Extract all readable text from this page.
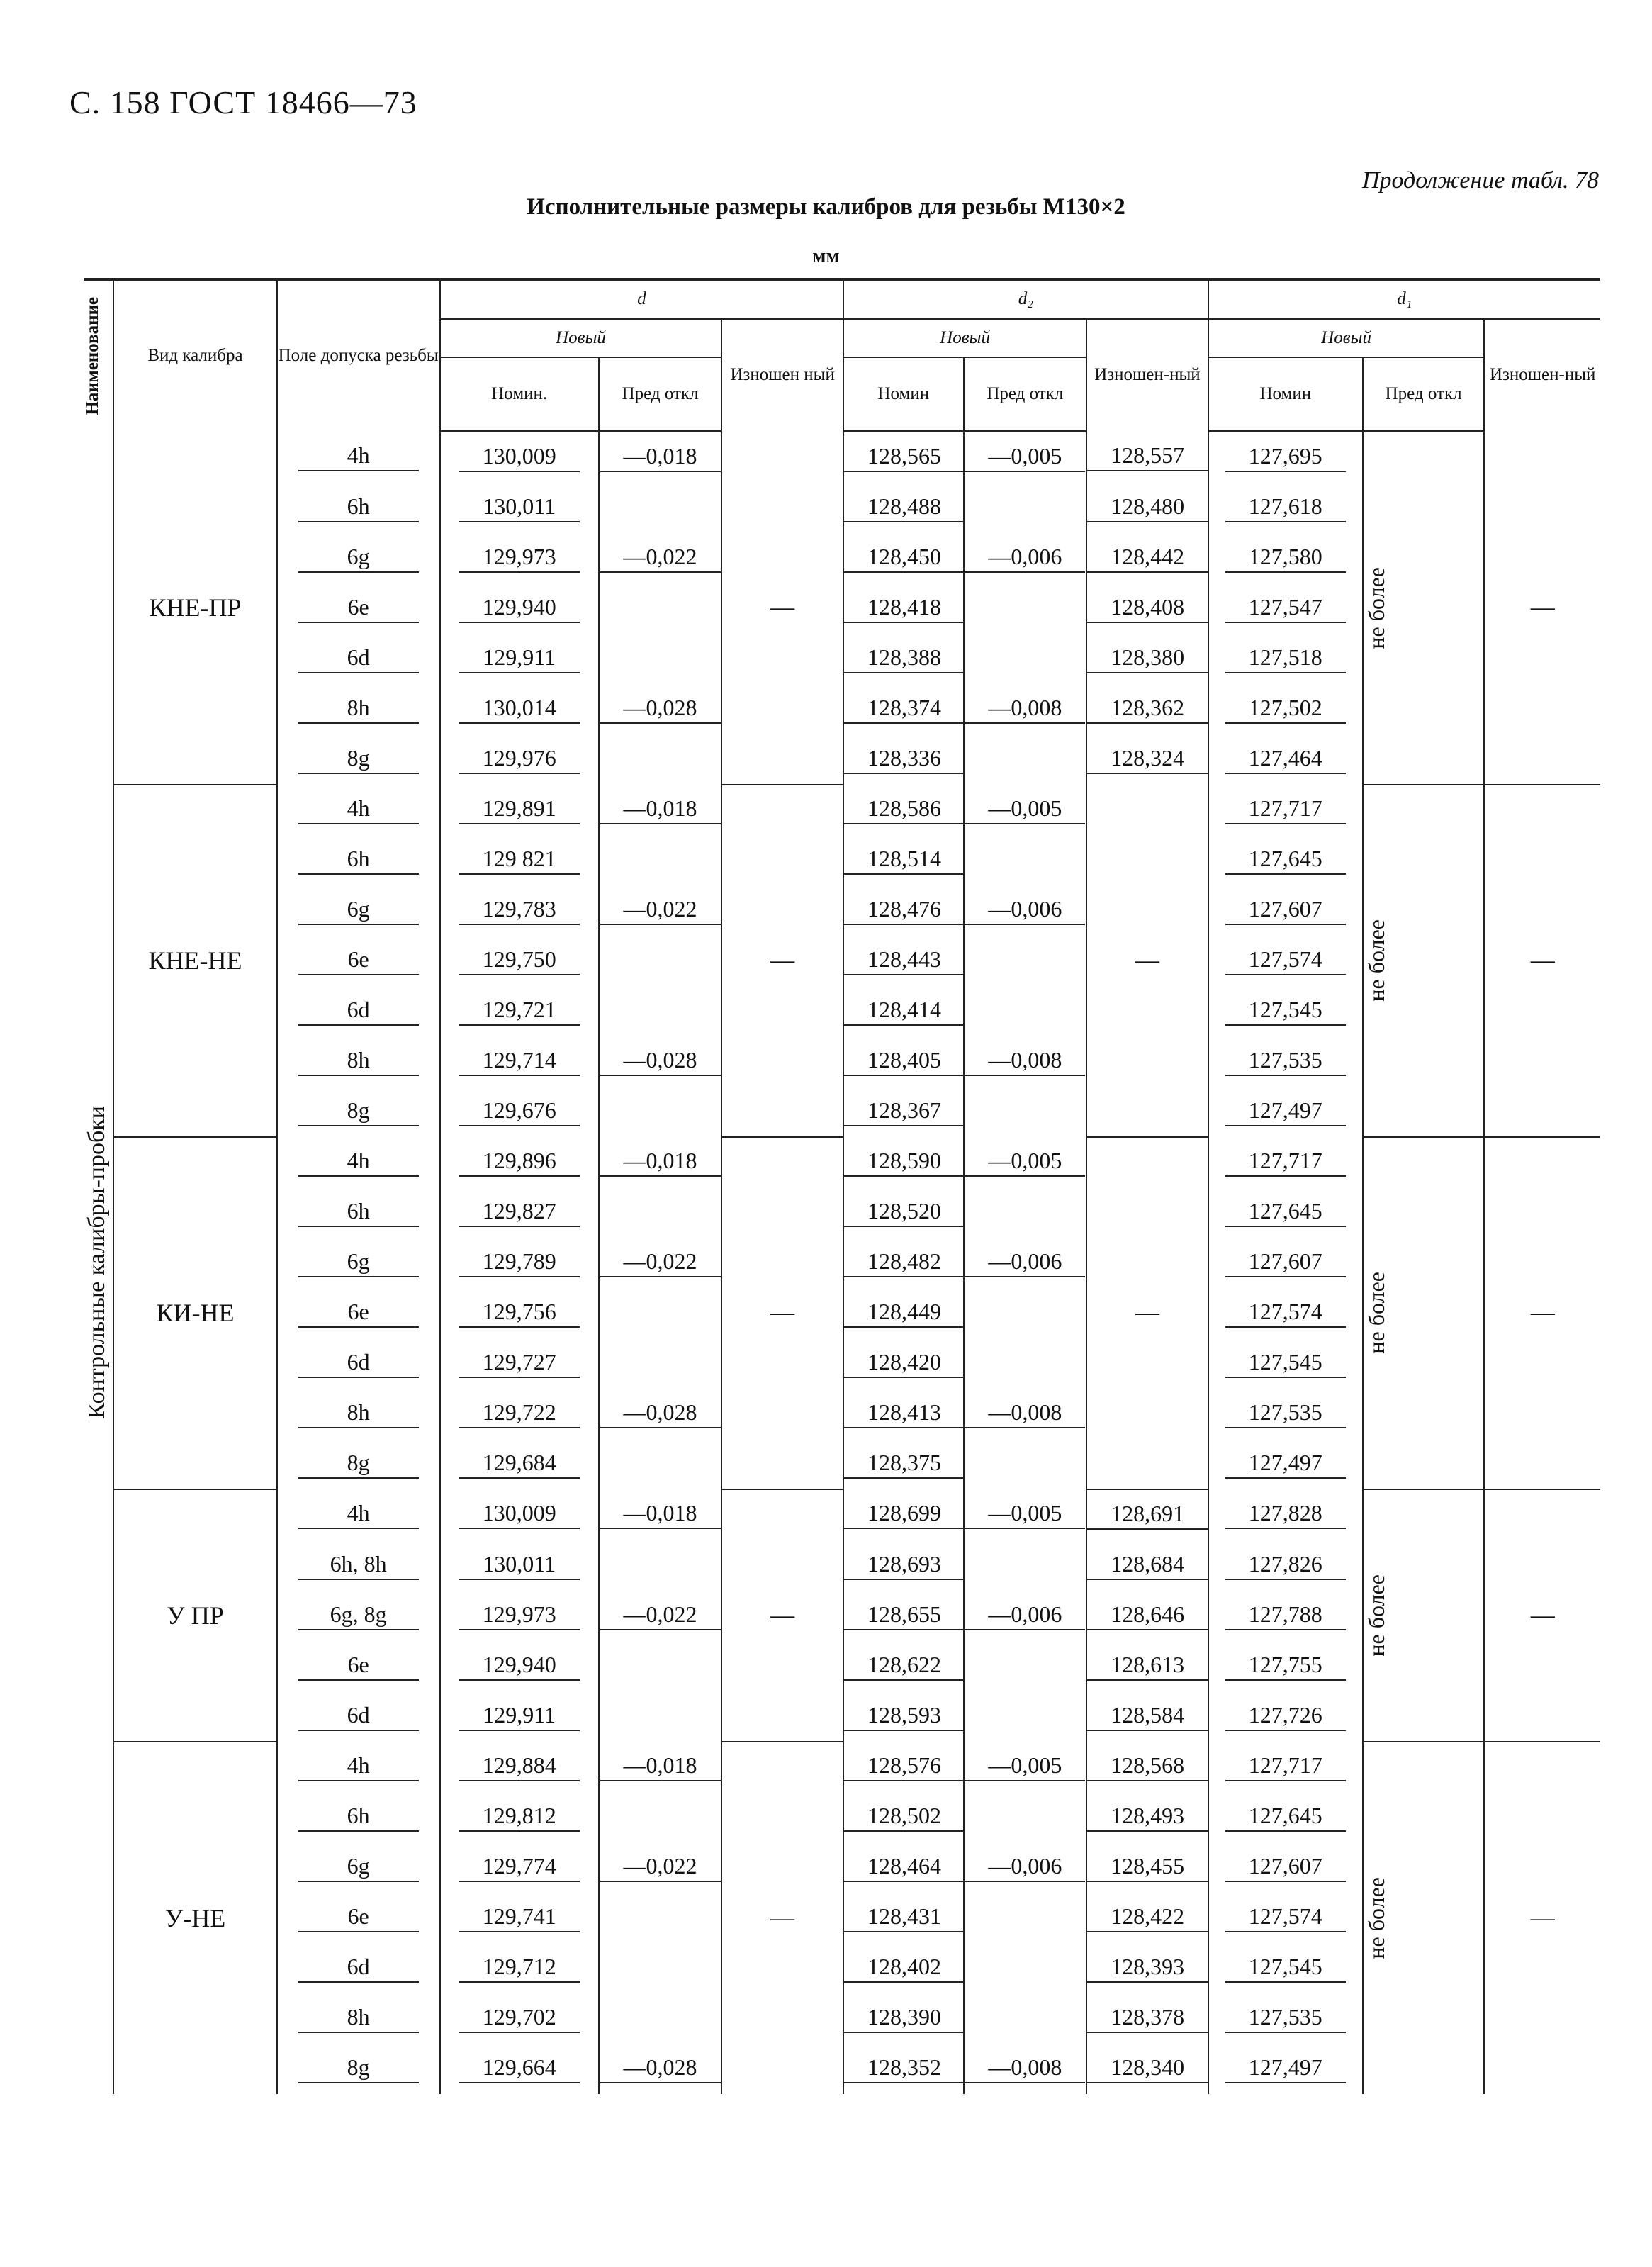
С. 158 ГОСТ 18466—73
Продолжение табл. 78
Исполнительные размеры калибров для резьбы М130×2
мм
Наименование	Вид калибра	Поле допуска резьбы	d			d₂			d₁		
			Новый		Изношен ный	Новый		Изношен-ный	Новый		Изношен-ный
			Номин.	Пред откл		Номин	Пред откл		Номин	Пред откл	

Контрольные калибры-пробки	КНЕ-ПР	4h	130,009	—0,018	—	128,565	—0,005	128,557	127,695	не более	—
		6h	130,011			128,488		128,480	127,618		
		6g	129,973	—0,022		128,450	—0,006	128,442	127,580		
		6e	129,940			128,418		128,408	127,547		
		6d	129,911			128,388		128,380	127,518		
		8h	130,014	—0,028		128,374	—0,008	128,362	127,502		
		8g	129,976			128,336		128,324	127,464		
	КНЕ-НЕ	4h	129,891	—0,018	—	128,586	—0,005	—	127,717	не более	—
		6h	129 821			128,514			127,645		
		6g	129,783	—0,022		128,476	—0,006		127,607		
		6e	129,750			128,443			127,574		
		6d	129,721			128,414			127,545		
		8h	129,714	—0,028		128,405	—0,008		127,535		
		8g	129,676			128,367			127,497		
	КИ-НЕ	4h	129,896	—0,018	—	128,590	—0,005	—	127,717	не более	—
		6h	129,827			128,520			127,645		
		6g	129,789	—0,022		128,482	—0,006		127,607		
		6e	129,756			128,449			127,574		
		6d	129,727			128,420			127,545		
		8h	129,722	—0,028		128,413	—0,008		127,535		
		8g	129,684			128,375			127,497		
	У ПР	4h	130,009	—0,018	—	128,699	—0,005	128,691	127,828	не более	—
		6h, 8h	130,011			128,693		128,684	127,826		
		6g, 8g	129,973	—0,022		128,655	—0,006	128,646	127,788		
		6e	129,940			128,622		128,613	127,755		
		6d	129,911			128,593		128,584	127,726		
	У-НЕ	4h	129,884	—0,018	—	128,576	—0,005	128,568	127,717	не более	—
		6h	129,812			128,502		128,493	127,645		
		6g	129,774	—0,022		128,464	—0,006	128,455	127,607		
		6e	129,741			128,431		128,422	127,574		
		6d	129,712			128,402		128,393	127,545		
		8h	129,702			128,390		128,378	127,535		
		8g	129,664	—0,028		128,352	—0,008	128,340	127,497		
